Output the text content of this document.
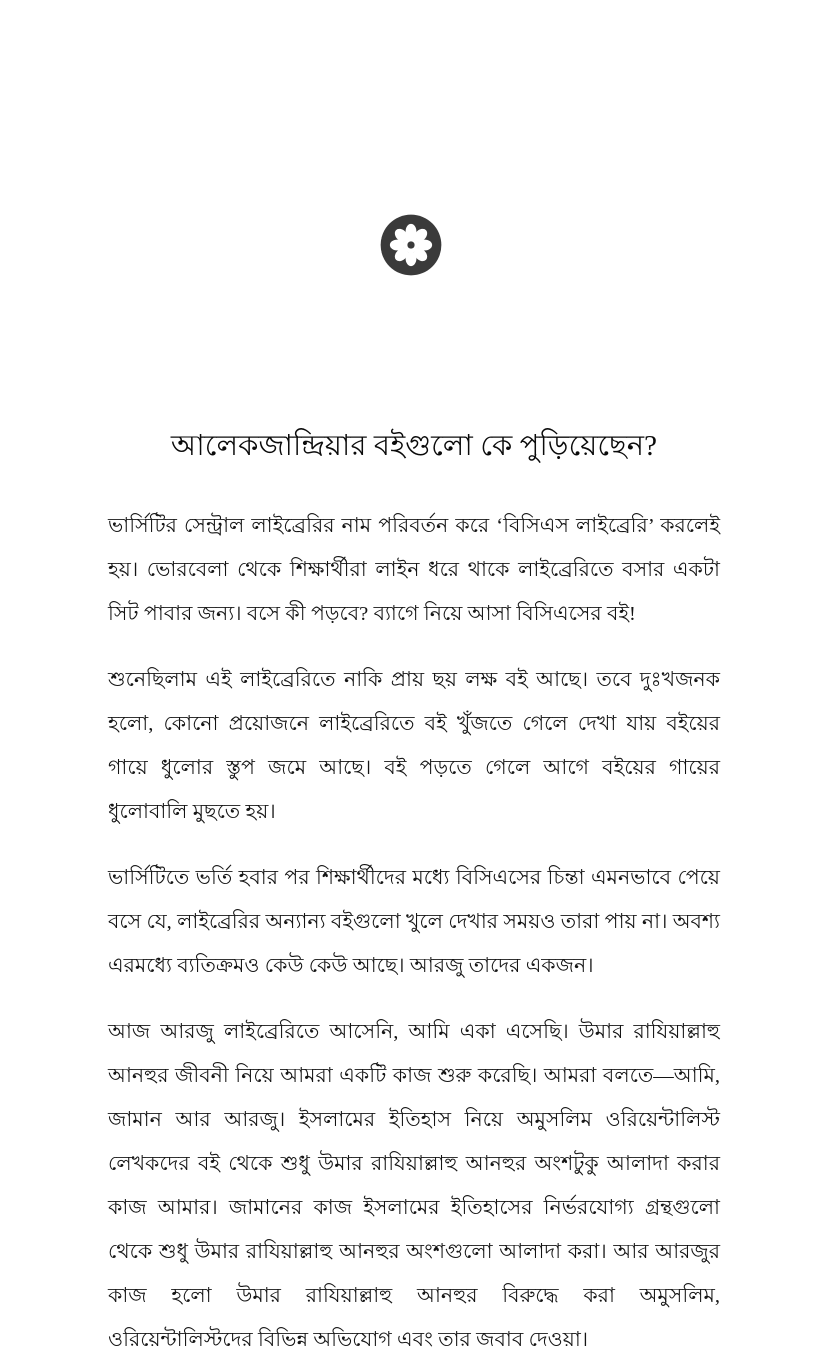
আলেকজান্দ্রিয়ার বইগুলো কে পুড়িয়েছেন?

ভার্সিটির সেন্ট্রাল লাইব্রেরির নাম পরিবর্তন করে ‘বিসিএস লাইব্রেরি’ করলেই হয়। ভোরবেলা থেকে শিক্ষার্থীরা লাইন ধরে থাকে লাইব্রেরিতে বসার একটা সিট পাবার জন্য। বসে কী পড়বে? ব্যাগে নিয়ে আসা বিসিএসের বই!

শুনেছিলাম এই লাইব্রেরিতে নাকি প্রায় ছয় লক্ষ বই আছে। তবে দুঃখজনক হলো, কোনো প্রয়োজনে লাইব্রেরিতে বই খুঁজতে গেলে দেখা যায় বইয়ের গায়ে ধুলোর স্তুপ জমে আছে। বই পড়তে গেলে আগে বইয়ের গায়ের ধুলোবালি মুছতে হয়।

ভার্সিটিতে ভর্তি হবার পর শিক্ষার্থীদের মধ্যে বিসিএসের চিন্তা এমনভাবে পেয়ে বসে যে, লাইব্রেরির অন্যান্য বইগুলো খুলে দেখার সময়ও তারা পায় না। অবশ্য এরমধ্যে ব্যতিক্রমও কেউ কেউ আছে। আরজু তাদের একজন।

আজ আরজু লাইব্রেরিতে আসেনি, আমি একা এসেছি। উমার রাযিয়াল্লাহু আনহুর জীবনী নিয়ে আমরা একটি কাজ শুরু করেছি। আমরা বলতে—আমি, জামান আর আরজু। ইসলামের ইতিহাস নিয়ে অমুসলিম ওরিয়েন্টালিস্ট লেখকদের বই থেকে শুধু উমার রাযিয়াল্লাহু আনহুর অংশটুকু আলাদা করার কাজ আমার। জামানের কাজ ইসলামের ইতিহাসের নির্ভরযোগ্য গ্রন্থগুলো থেকে শুধু উমার রাযিয়াল্লাহু আনহুর অংশগুলো আলাদা করা। আর আরজুর কাজ হলো উমার রাযিয়াল্লাহু আনহুর বিরুদ্ধে করা অমুসলিম, ওরিয়েন্টালিস্টদের বিভিন্ন অভিযোগ এবং তার জবাব দেওয়া।
